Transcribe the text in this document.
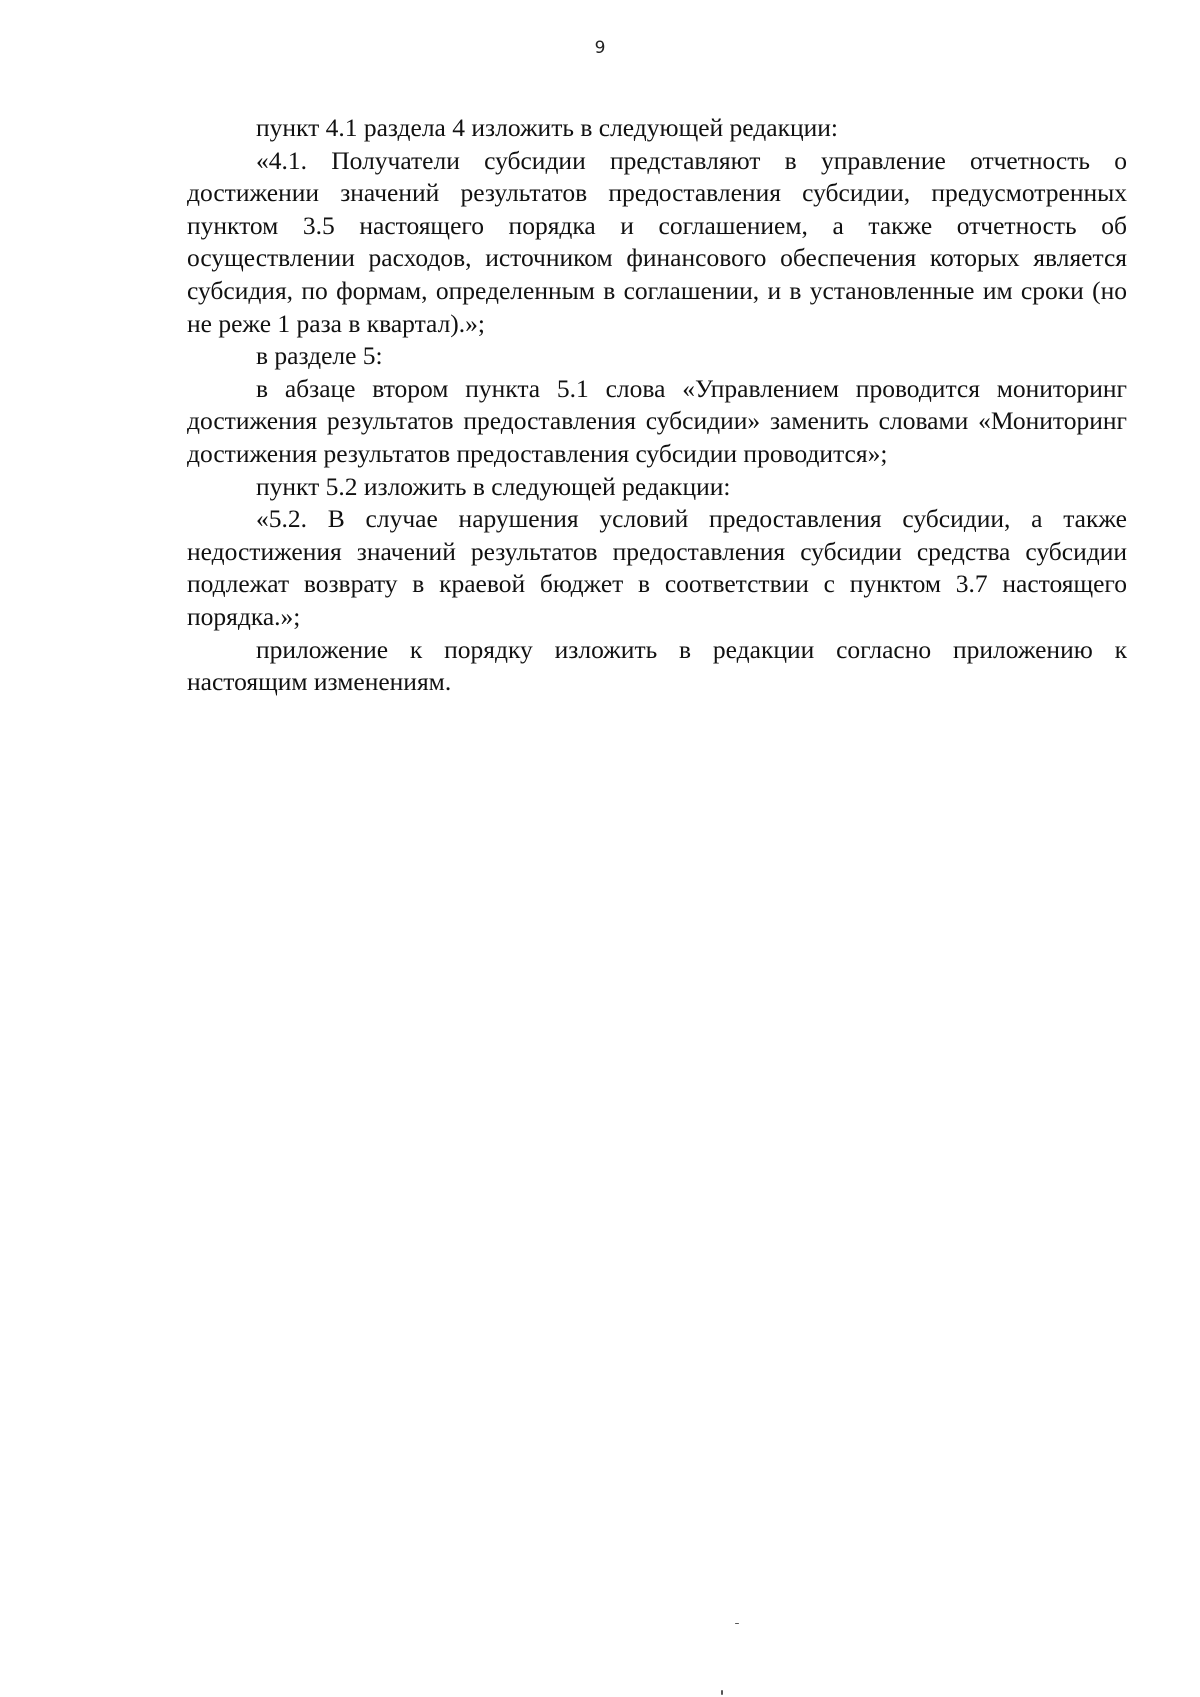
9

пункт 4.1 раздела 4 изложить в следующей редакции:

«4.1. Получатели субсидии представляют в управление отчетность о достижении значений результатов предоставления субсидии, предусмотренных пунктом 3.5 настоящего порядка и соглашением, а также отчетность об осуществлении расходов, источником финансового обеспечения которых является субсидия, по формам, определенным в соглашении, и в установленные им сроки (но не реже 1 раза в квартал).»;

в разделе 5:

в абзаце втором пункта 5.1 слова «Управлением проводится мониторинг достижения результатов предоставления субсидии» заменить словами «Мониторинг достижения результатов предоставления субсидии проводится»;

пункт 5.2 изложить в следующей редакции:

«5.2. В случае нарушения условий предоставления субсидии, а также недостижения значений результатов предоставления субсидии средства субсидии подлежат возврату в краевой бюджет в соответствии с пунктом 3.7 настоящего порядка.»;

приложение к порядку изложить в редакции согласно приложению к настоящим изменениям.
